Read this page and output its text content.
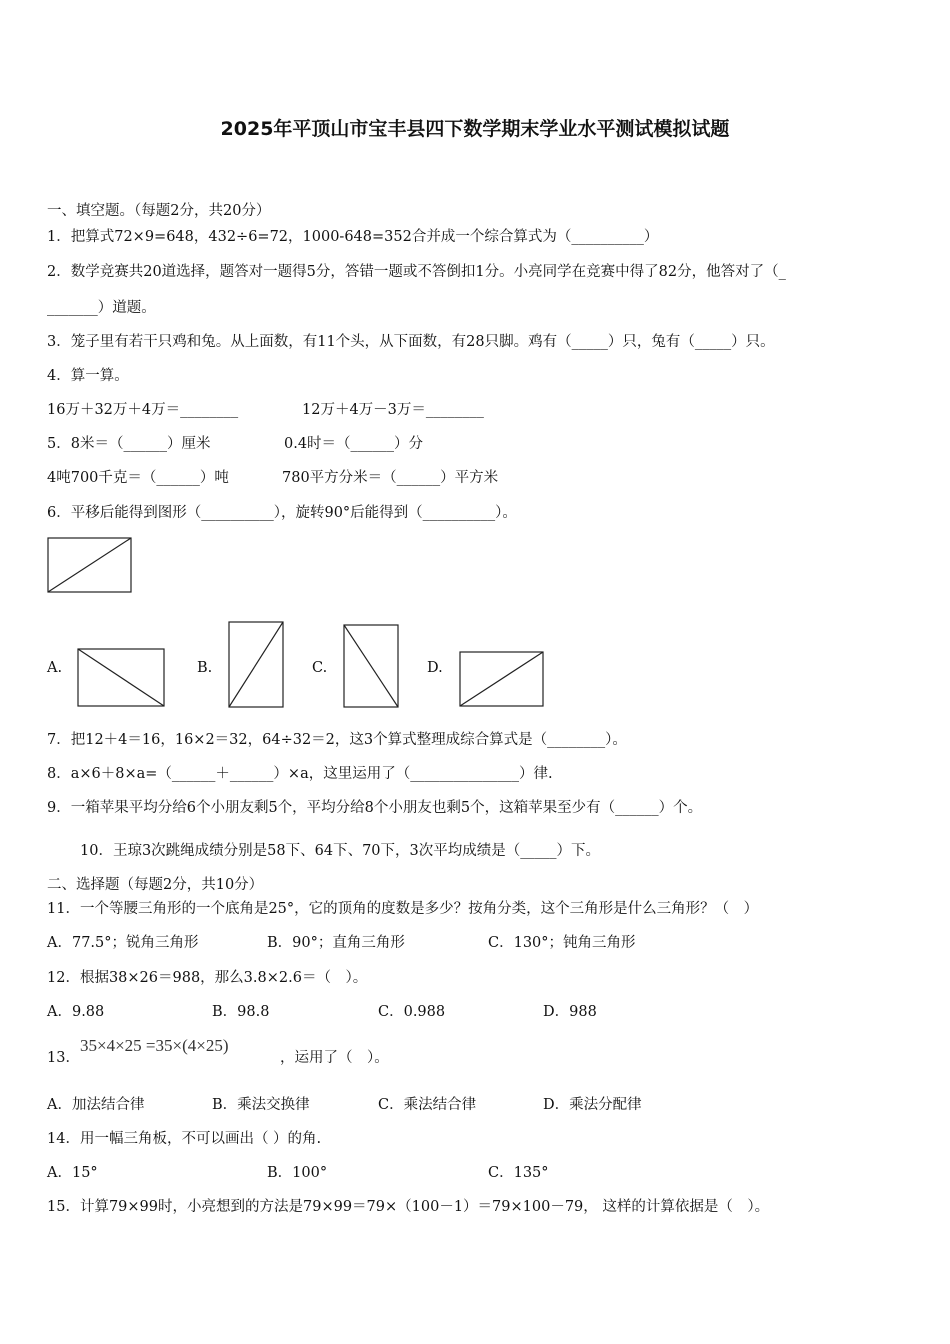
2025年平顶山市宝丰县四下数学期末学业水平测试模拟试题
一、填空题。（每题2分，共20分）
1．把算式72×9=648，432÷6=72，1000-648=352合并成一个综合算式为（__________）
2．数学竞赛共20道选择，题答对一题得5分，答错一题或不答倒扣1分。小亮同学在竞赛中得了82分，他答对了（_
_______）道题。
3．笼子里有若干只鸡和兔。从上面数，有11个头，从下面数，有28只脚。鸡有（_____）只，兔有（_____）只。
4．算一算。
16万＋32万＋4万＝________	12万＋4万－3万＝________
5．8米＝（______）厘米	0.4时＝（______）分
4吨700千克＝（______）吨	780平方分米＝（______）平方米
6．平移后能得到图形（__________），旋转90°后能得到（__________）。
A.	B.	C.	D.
7．把12＋4＝16，16×2＝32，64÷32＝2，这3个算式整理成综合算式是（________）。
8．a×6＋8×a=（______＋______）×a，这里运用了（_______________）律.
9．一箱苹果平均分给6个小朋友剩5个，平均分给8个小朋友也剩5个，这箱苹果至少有（______）个。
10．王琼3次跳绳成绩分别是58下、64下、70下，3次平均成绩是（_____）下。
二、选择题（每题2分，共10分）
11．一个等腰三角形的一个底角是25°，它的顶角的度数是多少？按角分类，这个三角形是什么三角形？（　）
A．77.5°；锐角三角形	B．90°；直角三角形	C．130°；钝角三角形
12．根据38×26＝988，那么3.8×2.6＝（　）。
A．9.88	B．98.8	C．0.988	D．988
13．
35×4×25 =35×(4×25)
，运用了（　）。
A．加法结合律	B．乘法交换律	C．乘法结合律	D．乘法分配律
14．用一幅三角板，不可以画出（ ）的角.
A．15°	B．100°	C．135°
15．计算79×99时，小亮想到的方法是79×99＝79×（100－1）＝79×100－79， 这样的计算依据是（　）。
